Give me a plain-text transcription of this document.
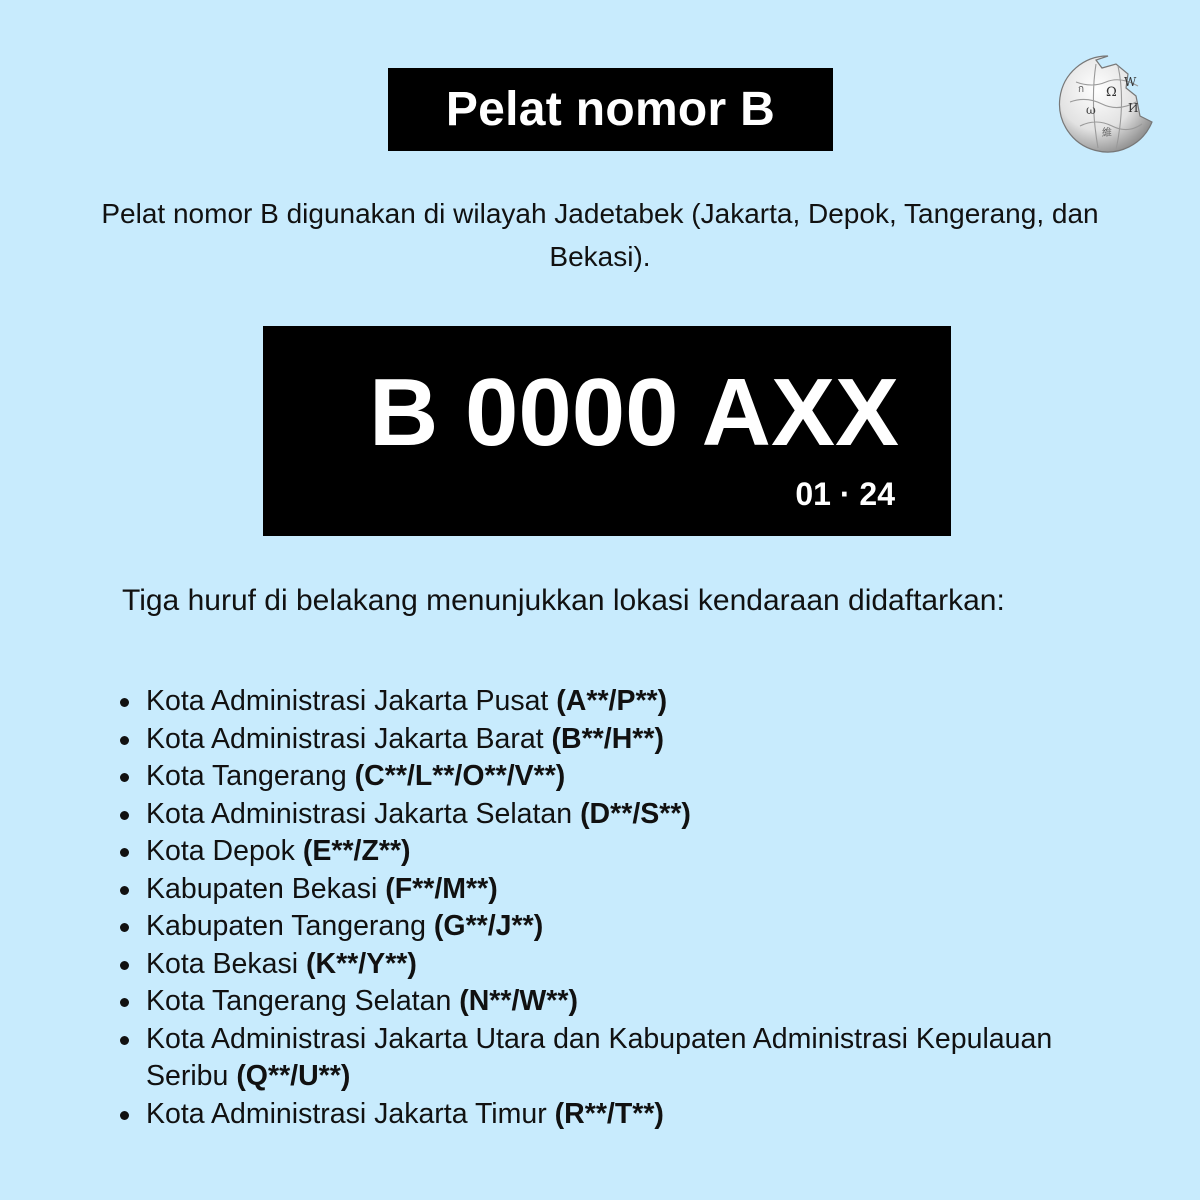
Pelat nomor B	Ω
W
И
ω
維
ก
Pelat nomor B digunakan di wilayah Jadetabek (Jakarta, Depok, Tangerang, dan Bekasi).
B 0000 AXX
01 · 24
Tiga huruf di belakang menunjukkan lokasi kendaraan didaftarkan:
Kota Administrasi Jakarta Pusat (A**/P**)
Kota Administrasi Jakarta Barat (B**/H**)
Kota Tangerang (C**/L**/O**/V**)
Kota Administrasi Jakarta Selatan (D**/S**)
Kota Depok (E**/Z**)
Kabupaten Bekasi (F**/M**)
Kabupaten Tangerang (G**/J**)
Kota Bekasi (K**/Y**)
Kota Tangerang Selatan (N**/W**)
Kota Administrasi Jakarta Utara dan Kabupaten Administrasi Kepulauan Seribu (Q**/U**)
Kota Administrasi Jakarta Timur (R**/T**)
